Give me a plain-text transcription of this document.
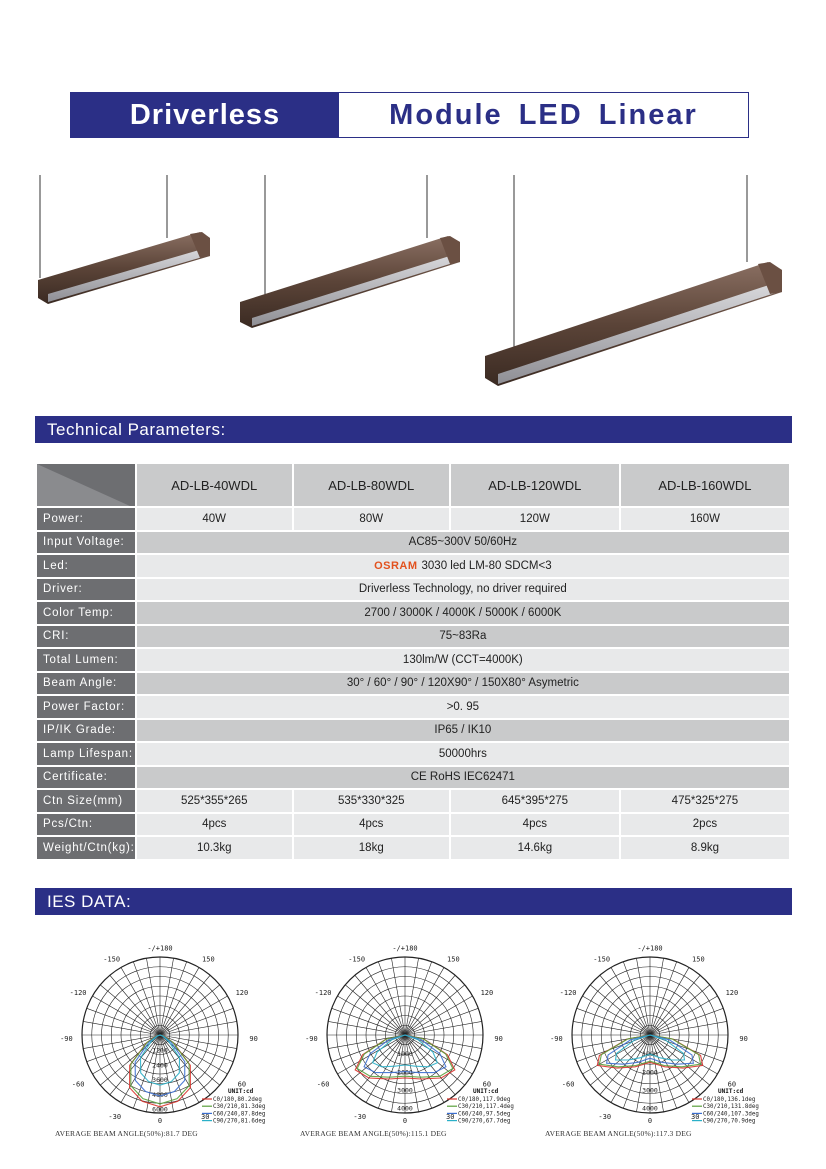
Driverless	Module LED Linear
Technical Parameters:
	AD-LB-40WDL	AD-LB-80WDL	AD-LB-120WDL	AD-LB-160WDL
Power:	40W	80W	120W	160W
Input Voltage:	AC85~300V 50/60Hz			
Led:	OSRAM 3030 led LM-80 SDCM<3			
Driver:	Driverless Technology, no driver required			
Color Temp:	2700 / 3000K / 4000K / 5000K / 6000K			
CRI:	75~83Ra			
Total Lumen:	130lm/W (CCT=4000K)			
Beam Angle:	30° / 60° / 90° / 120X90° / 150X80° Asymetric			
Power Factor:	>0. 95			
IP/IK Grade:	IP65 / IK10			
Lamp Lifespan:	50000hrs			
Certificate:	CE RoHS IEC62471			
Ctn Size(mm)	525*355*265	535*330*325	645*395*275	475*325*275
Pcs/Ctn:	4pcs	4pcs	4pcs	2pcs
Weight/Ctn(kg):	10.3kg	18kg	14.6kg	8.9kg
IES DATA:
-/+180
-150	150
-120	120
-90	90
-60	60
-30	30
0
1200
2400
3600
4800
6000
UNIT:cd
C0/180,80.2deg
C30/210,81.3deg
C60/240,87.8deg
C90/270,81.6deg
AVERAGE BEAM ANGLE(50%):81.7 DEG
-/+180
-150	150
-120	120
-90	90
-60	60
-30	30
0
1000
2000
3000
4000
UNIT:cd
C0/180,117.9deg
C30/210,117.4deg
C60/240,97.5deg
C90/270,67.7deg
AVERAGE BEAM ANGLE(50%):115.1 DEG
-/+180
-150	150
-120	120
-90	90
-60	60
-30	30
0
1000
2000
3000
4000
UNIT:cd
C0/180,136.1deg
C30/210,131.8deg
C60/240,107.3deg
C90/270,70.9deg
AVERAGE BEAM ANGLE(50%):117.3 DEG
